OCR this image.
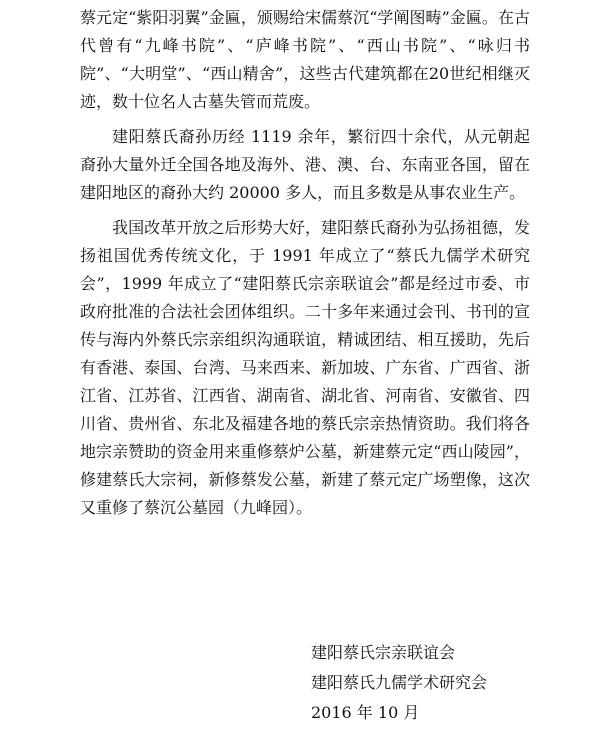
蔡元定“紫阳羽翼”金匾，颁赐给宋儒蔡沉“学阐图畴”金匾。在古代曾有“九峰书院”、“庐峰书院”、“西山书院”、“咏归书院”、“大明堂”、“西山精舍”，这些古代建筑都在20世纪相继灭迹，数十位名人古墓失管而荒废。

建阳蔡氏裔孙历经 1119 余年，繁衍四十余代，从元朝起裔孙大量外迁全国各地及海外、港、澳、台、东南亚各国，留在建阳地区的裔孙大约 20000 多人，而且多数是从事农业生产。

我国改革开放之后形势大好，建阳蔡氏裔孙为弘扬祖德，发扬祖国优秀传统文化，于 1991 年成立了“蔡氏九儒学术研究会”，1999 年成立了“建阳蔡氏宗亲联谊会”都是经过市委、市政府批准的合法社会团体组织。二十多年来通过会刊、书刊的宣传与海内外蔡氏宗亲组织沟通联谊，精诚团结、相互援助，先后有香港、泰国、台湾、马来西来、新加坡、广东省、广西省、浙江省、江苏省、江西省、湖南省、湖北省、河南省、安徽省、四川省、贵州省、东北及福建各地的蔡氏宗亲热情资助。我们将各地宗亲赞助的资金用来重修蔡炉公墓，新建蔡元定“西山陵园”，修建蔡氏大宗祠，新修蔡发公墓，新建了蔡元定广场塑像，这次又重修了蔡沉公墓园（九峰园）。

建阳蔡氏宗亲联谊会
建阳蔡氏九儒学术研究会
2016 年 10 月
